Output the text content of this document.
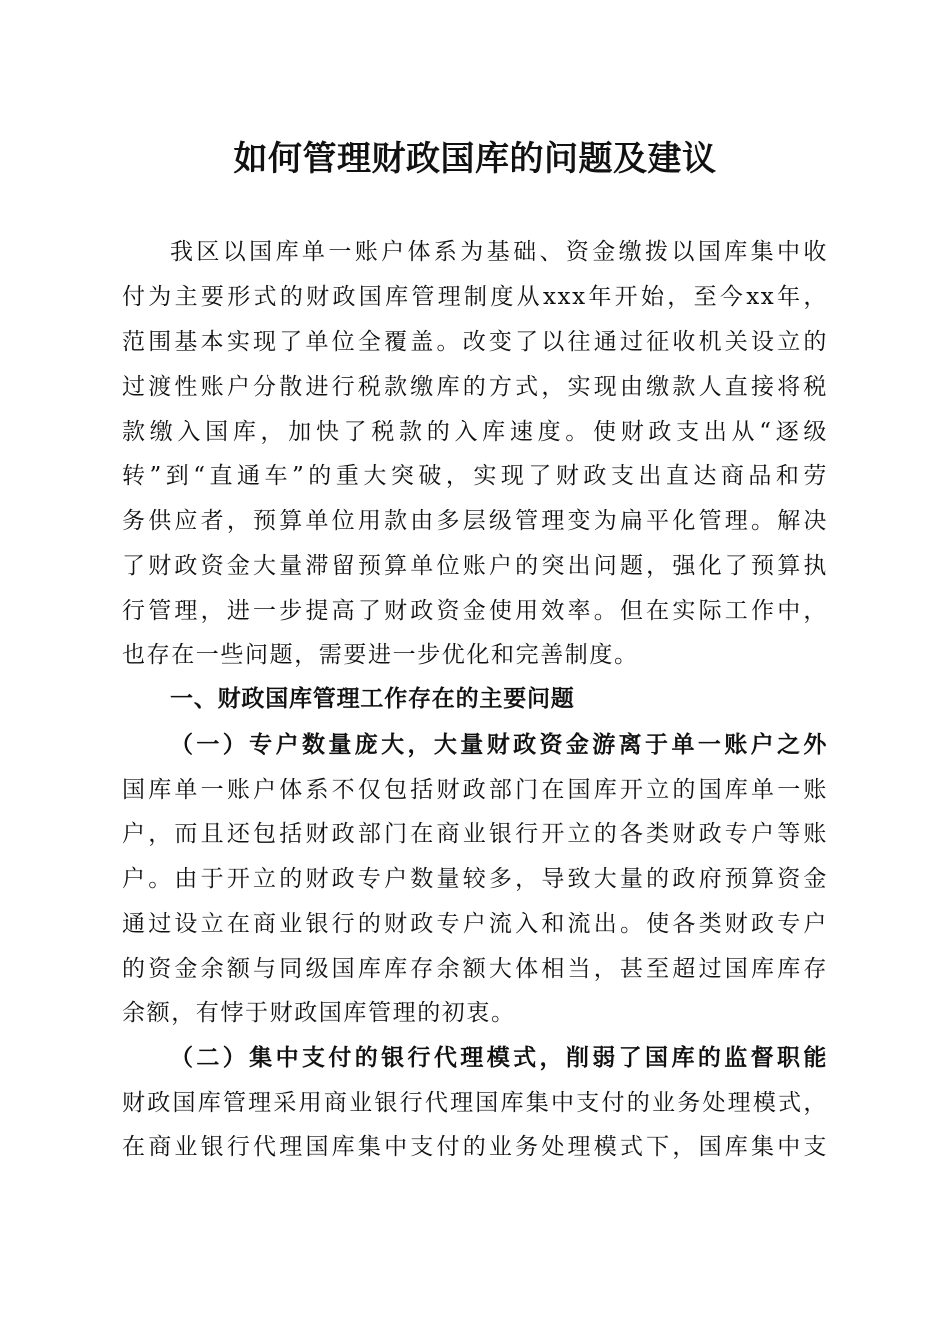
如何管理财政国库的问题及建议

我区以国库单一账户体系为基础、资金缴拨以国库集中收

付为主要形式的财政国库管理制度从xxx年开始，至今xx年，

范围基本实现了单位全覆盖。改变了以往通过征收机关设立的

过渡性账户分散进行税款缴库的方式，实现由缴款人直接将税

款缴入国库，加快了税款的入库速度。使财政支出从“逐级

转”到“直通车”的重大突破，实现了财政支出直达商品和劳

务供应者，预算单位用款由多层级管理变为扁平化管理。解决

了财政资金大量滞留预算单位账户的突出问题，强化了预算执

行管理，进一步提高了财政资金使用效率。但在实际工作中，

也存在一些问题，需要进一步优化和完善制度。

一、财政国库管理工作存在的主要问题

（一）专户数量庞大，大量财政资金游离于单一账户之外

国库单一账户体系不仅包括财政部门在国库开立的国库单一账

户，而且还包括财政部门在商业银行开立的各类财政专户等账

户。由于开立的财政专户数量较多，导致大量的政府预算资金

通过设立在商业银行的财政专户流入和流出。使各类财政专户

的资金余额与同级国库库存余额大体相当，甚至超过国库库存

余额，有悖于财政国库管理的初衷。

（二）集中支付的银行代理模式，削弱了国库的监督职能

财政国库管理采用商业银行代理国库集中支付的业务处理模式，

在商业银行代理国库集中支付的业务处理模式下，国库集中支
